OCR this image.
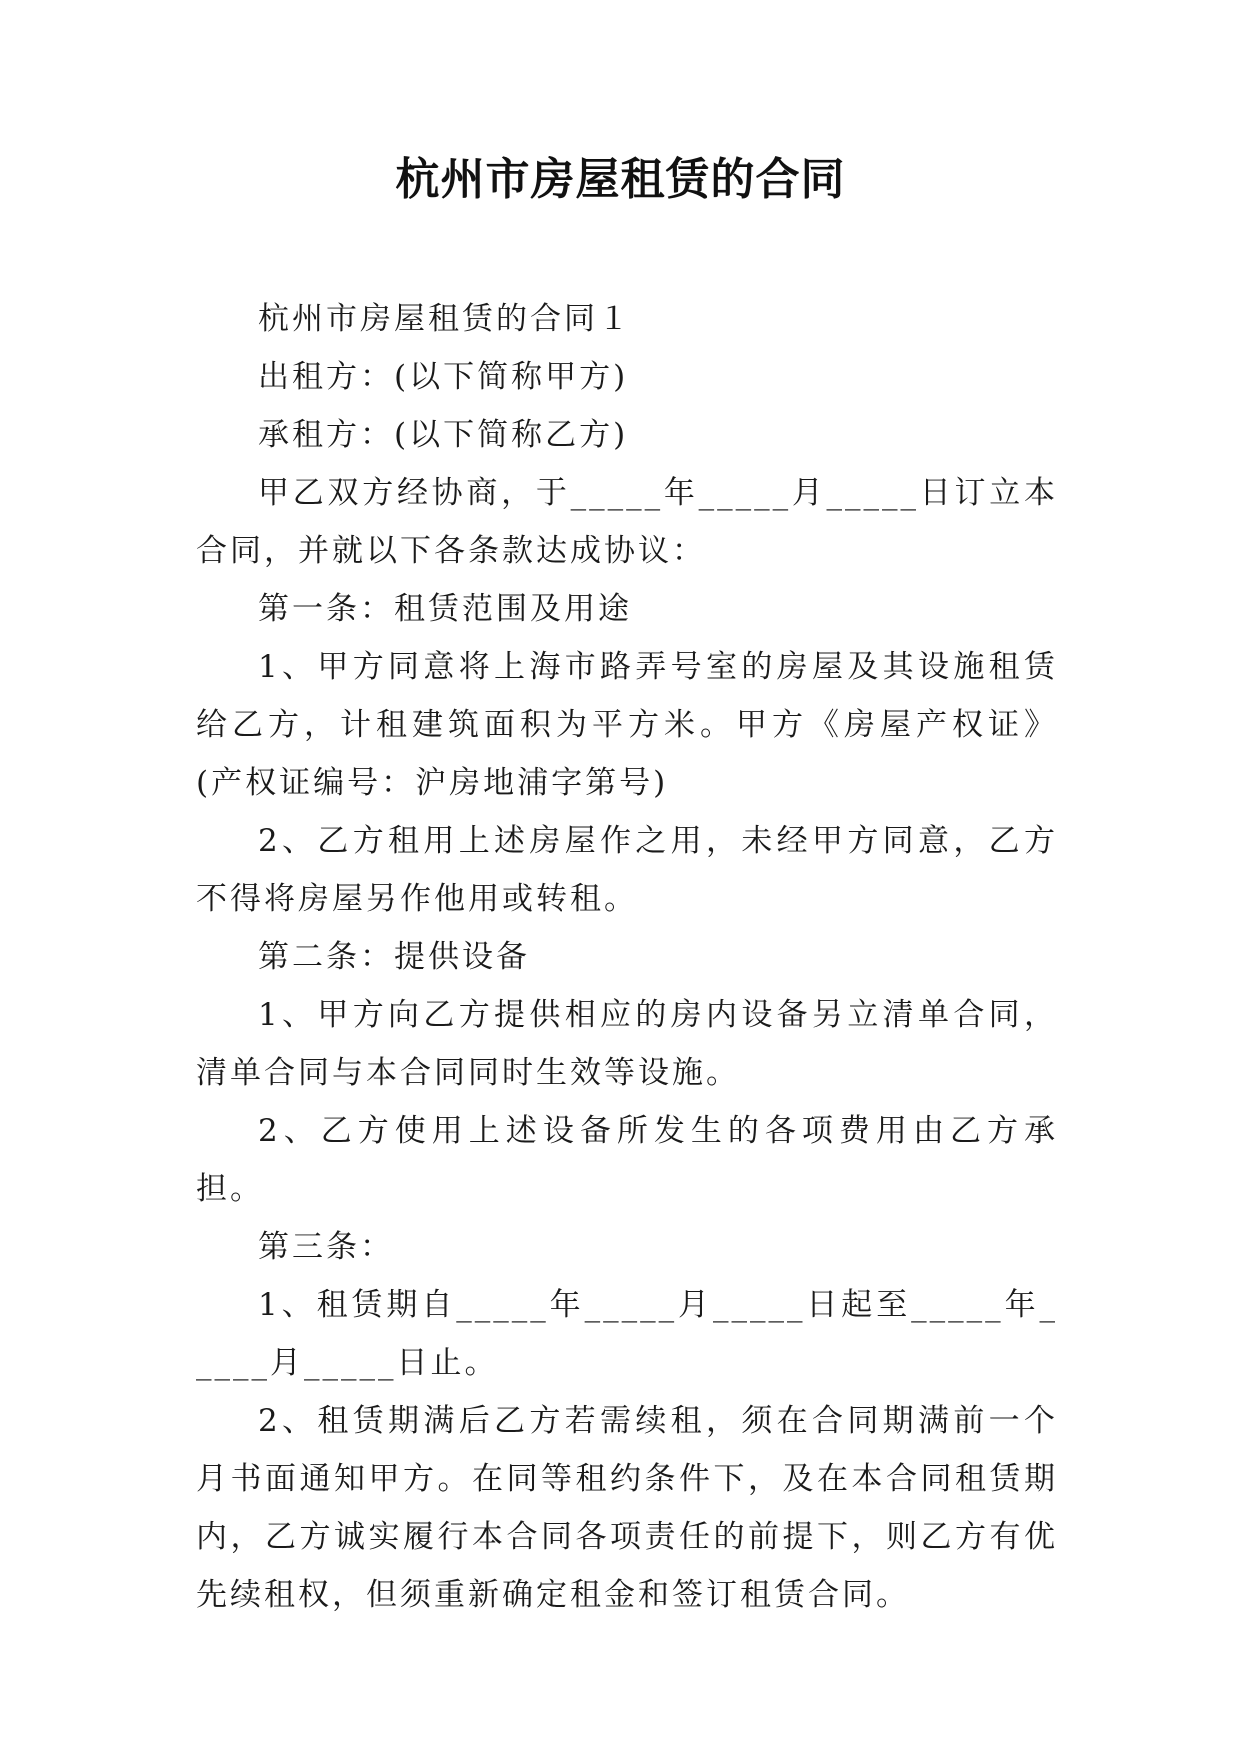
杭州市房屋租赁的合同

杭州市房屋租赁的合同１

出租方：(以下简称甲方)

承租方：(以下简称乙方)

甲乙双方经协商，于_____年_____月_____日订立本合同，并就以下各条款达成协议：

第一条：租赁范围及用途

1、甲方同意将上海市路弄号室的房屋及其设施租赁给乙方，计租建筑面积为平方米。甲方《房屋产权证》(产权证编号：沪房地浦字第号)

2、乙方租用上述房屋作之用，未经甲方同意，乙方不得将房屋另作他用或转租。

第二条：提供设备

1、甲方向乙方提供相应的房内设备另立清单合同，清单合同与本合同同时生效等设施。

2、乙方使用上述设备所发生的各项费用由乙方承担。

第三条：

1、租赁期自_____年_____月_____日起至_____年_____月_____日止。

2、租赁期满后乙方若需续租，须在合同期满前一个月书面通知甲方。在同等租约条件下，及在本合同租赁期内，乙方诚实履行本合同各项责任的前提下，则乙方有优先续租权，但须重新确定租金和签订租赁合同。
